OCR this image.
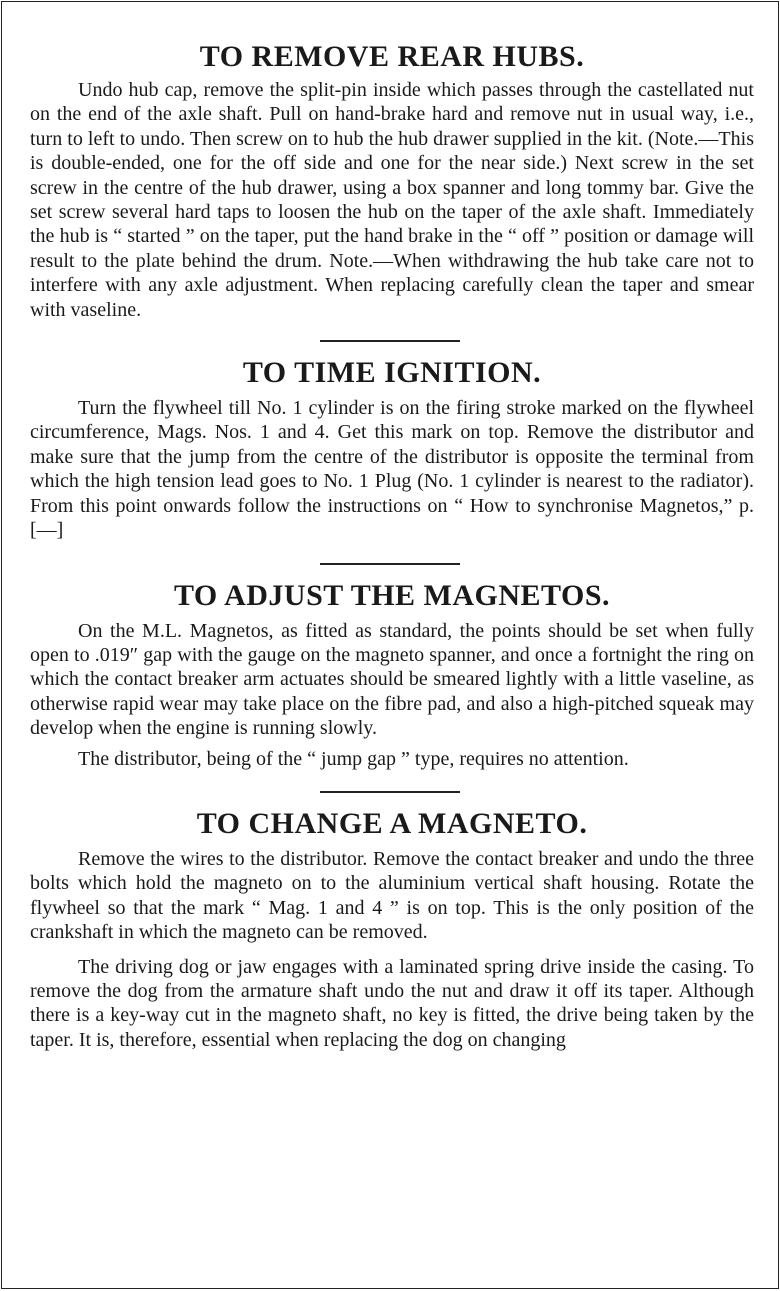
TO REMOVE REAR HUBS.

Undo hub cap, remove the split-pin inside which passes through the castellated nut on the end of the axle shaft. Pull on hand-brake hard and remove nut in usual way, i.e., turn to left to undo. Then screw on to hub the hub drawer supplied in the kit. (Note.—This is double-ended, one for the off side and one for the near side.) Next screw in the set screw in the centre of the hub drawer, using a box spanner and long tommy bar. Give the set screw several hard taps to loosen the hub on the taper of the axle shaft. Immediately the hub is “ started ” on the taper, put the hand brake in the “ off ” position or damage will result to the plate behind the drum. Note.—When withdrawing the hub take care not to interfere with any axle adjustment. When replacing carefully clean the taper and smear with vaseline.

TO TIME IGNITION.

Turn the flywheel till No. 1 cylinder is on the firing stroke marked on the flywheel circumference, Mags. Nos. 1 and 4. Get this mark on top. Remove the distributor and make sure that the jump from the centre of the distributor is opposite the terminal from which the high tension lead goes to No. 1 Plug (No. 1 cylinder is nearest to the radiator). From this point onwards follow the instructions on “ How to synchronise Magnetos,” p. [—]

TO ADJUST THE MAGNETOS.

On the M.L. Magnetos, as fitted as standard, the points should be set when fully open to .019″ gap with the gauge on the magneto spanner, and once a fortnight the ring on which the contact breaker arm actuates should be smeared lightly with a little vaseline, as otherwise rapid wear may take place on the fibre pad, and also a high-pitched squeak may develop when the engine is running slowly.

The distributor, being of the “ jump gap ” type, requires no attention.

TO CHANGE A MAGNETO.

Remove the wires to the distributor. Remove the contact breaker and undo the three bolts which hold the magneto on to the aluminium vertical shaft housing. Rotate the flywheel so that the mark “ Mag. 1 and 4 ” is on top. This is the only position of the crankshaft in which the magneto can be removed.

The driving dog or jaw engages with a laminated spring drive inside the casing. To remove the dog from the armature shaft undo the nut and draw it off its taper. Although there is a key-way cut in the magneto shaft, no key is fitted, the drive being taken by the taper. It is, therefore, essential when replacing the dog on changing
